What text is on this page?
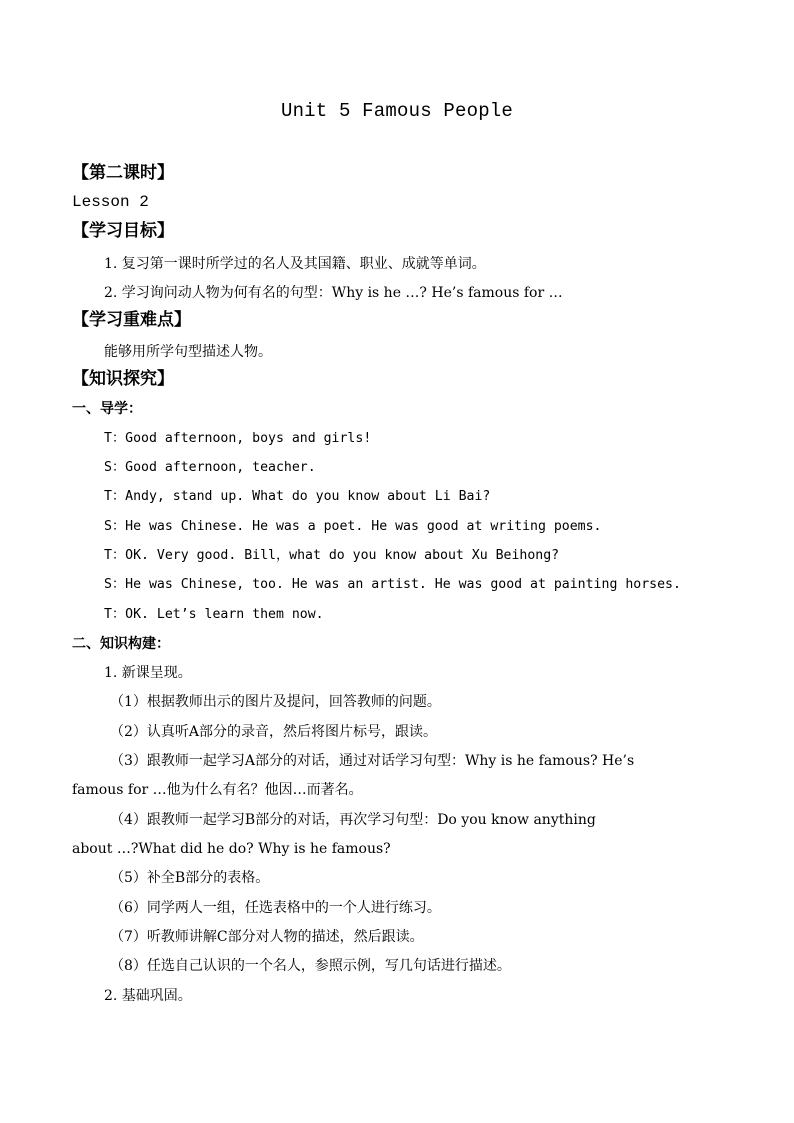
Unit 5 Famous People
【第二课时】
Lesson 2
【学习目标】
1. 复习第一课时所学过的名人及其国籍、职业、成就等单词。
2. 学习询问动人物为何有名的句型：Why is he …? He’s famous for …
【学习重难点】
能够用所学句型描述人物。
【知识探究】
一、导学：
T：Good afternoon, boys and girls!
S：Good afternoon, teacher.
T：Andy, stand up. What do you know about Li Bai?
S：He was Chinese. He was a poet. He was good at writing poems.
T：OK. Very good. Bill，what do you know about Xu Beihong?
S：He was Chinese, too. He was an artist. He was good at painting horses.
T：OK. Let’s learn them now.
二、知识构建：
1. 新课呈现。
（1）根据教师出示的图片及提问，回答教师的问题。
（2）认真听A部分的录音，然后将图片标号，跟读。
（3）跟教师一起学习A部分的对话，通过对话学习句型：Why is he famous? He’s
famous for …他为什么有名？他因…而著名。
（4）跟教师一起学习B部分的对话，再次学习句型：Do you know anything
about …?What did he do? Why is he famous?
（5）补全B部分的表格。
（6）同学两人一组，任选表格中的一个人进行练习。
（7）听教师讲解C部分对人物的描述，然后跟读。
（8）任选自己认识的一个名人，参照示例，写几句话进行描述。
2. 基础巩固。
